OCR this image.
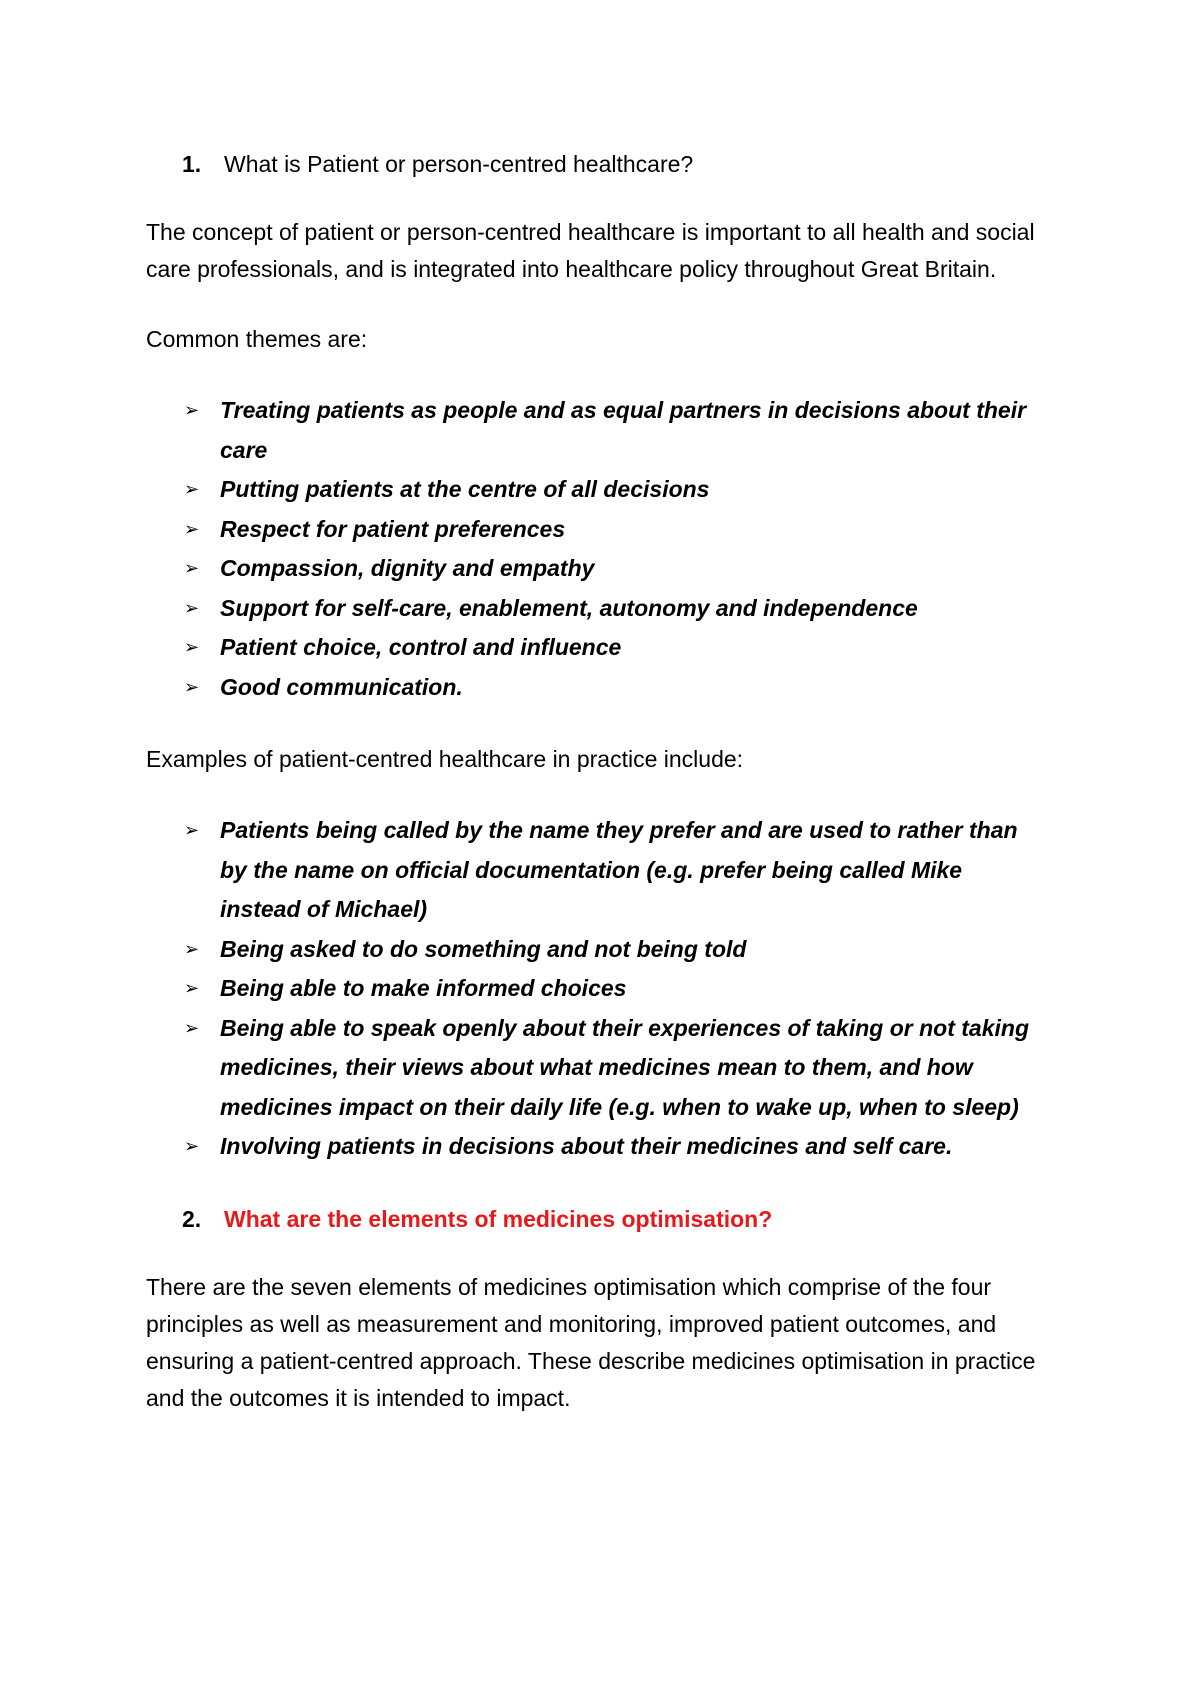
1. What is Patient or person-centred healthcare?

The concept of patient or person-centred healthcare is important to all health and social care professionals, and is integrated into healthcare policy throughout Great Britain.

Common themes are:

➢ Treating patients as people and as equal partners in decisions about their care
➢ Putting patients at the centre of all decisions
➢ Respect for patient preferences
➢ Compassion, dignity and empathy
➢ Support for self-care, enablement, autonomy and independence
➢ Patient choice, control and influence
➢ Good communication.

Examples of patient-centred healthcare in practice include:

➢ Patients being called by the name they prefer and are used to rather than by the name on official documentation (e.g. prefer being called Mike instead of Michael)
➢ Being asked to do something and not being told
➢ Being able to make informed choices
➢ Being able to speak openly about their experiences of taking or not taking medicines, their views about what medicines mean to them, and how medicines impact on their daily life (e.g. when to wake up, when to sleep)
➢ Involving patients in decisions about their medicines and self care.
2. What are the elements of medicines optimisation?

There are the seven elements of medicines optimisation which comprise of the four principles as well as measurement and monitoring, improved patient outcomes, and ensuring a patient-centred approach. These describe medicines optimisation in practice and the outcomes it is intended to impact.
